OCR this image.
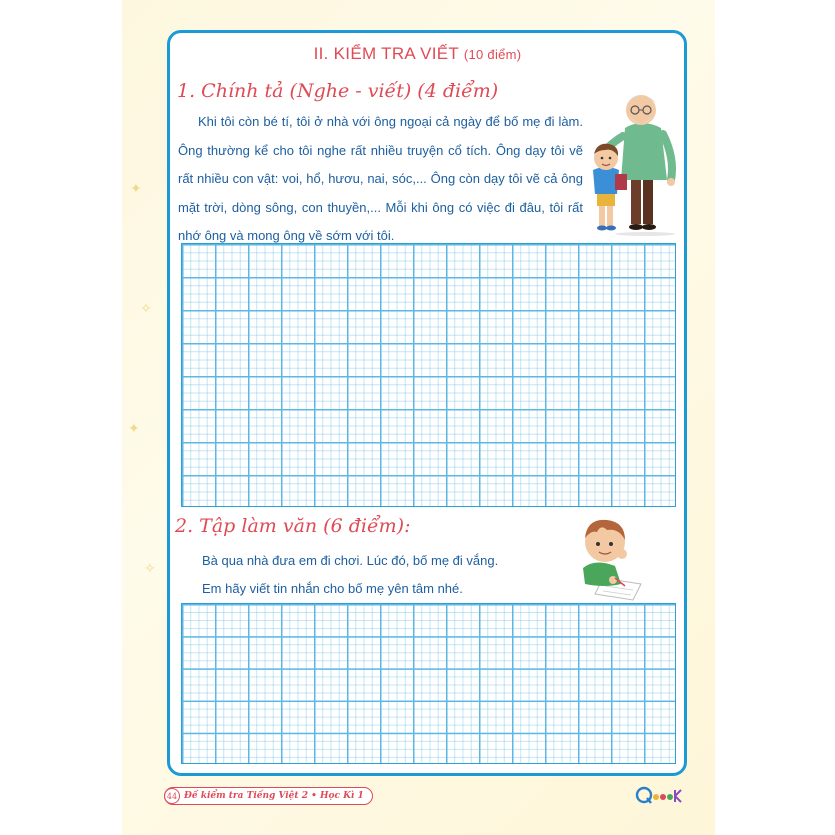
✦
✧
✦
✧
II. KIỂM TRA VIẾT (10 điểm)
1. Chính tả (Nghe - viết) (4 điểm)

Khi tôi còn bé tí, tôi ở nhà với ông ngoại cả ngày để bố mẹ đi làm. Ông thường kể cho tôi nghe rất nhiều truyện cổ tích. Ông dạy tôi vẽ rất nhiều con vật: voi, hổ, hươu, nai, sóc,... Ông còn dạy tôi vẽ cả ông mặt trời, dòng sông, con thuyền,... Mỗi khi ông có việc đi đâu, tôi rất nhớ ông và mong ông về sớm với tôi.

2. Tập làm văn (6 điểm):
Bà qua nhà đưa em đi chơi. Lúc đó, bố mẹ đi vắng.
Em hãy viết tin nhắn cho bố mẹ yên tâm nhé.
44 Đề kiểm tra Tiếng Việt 2 • Học Kì 1
